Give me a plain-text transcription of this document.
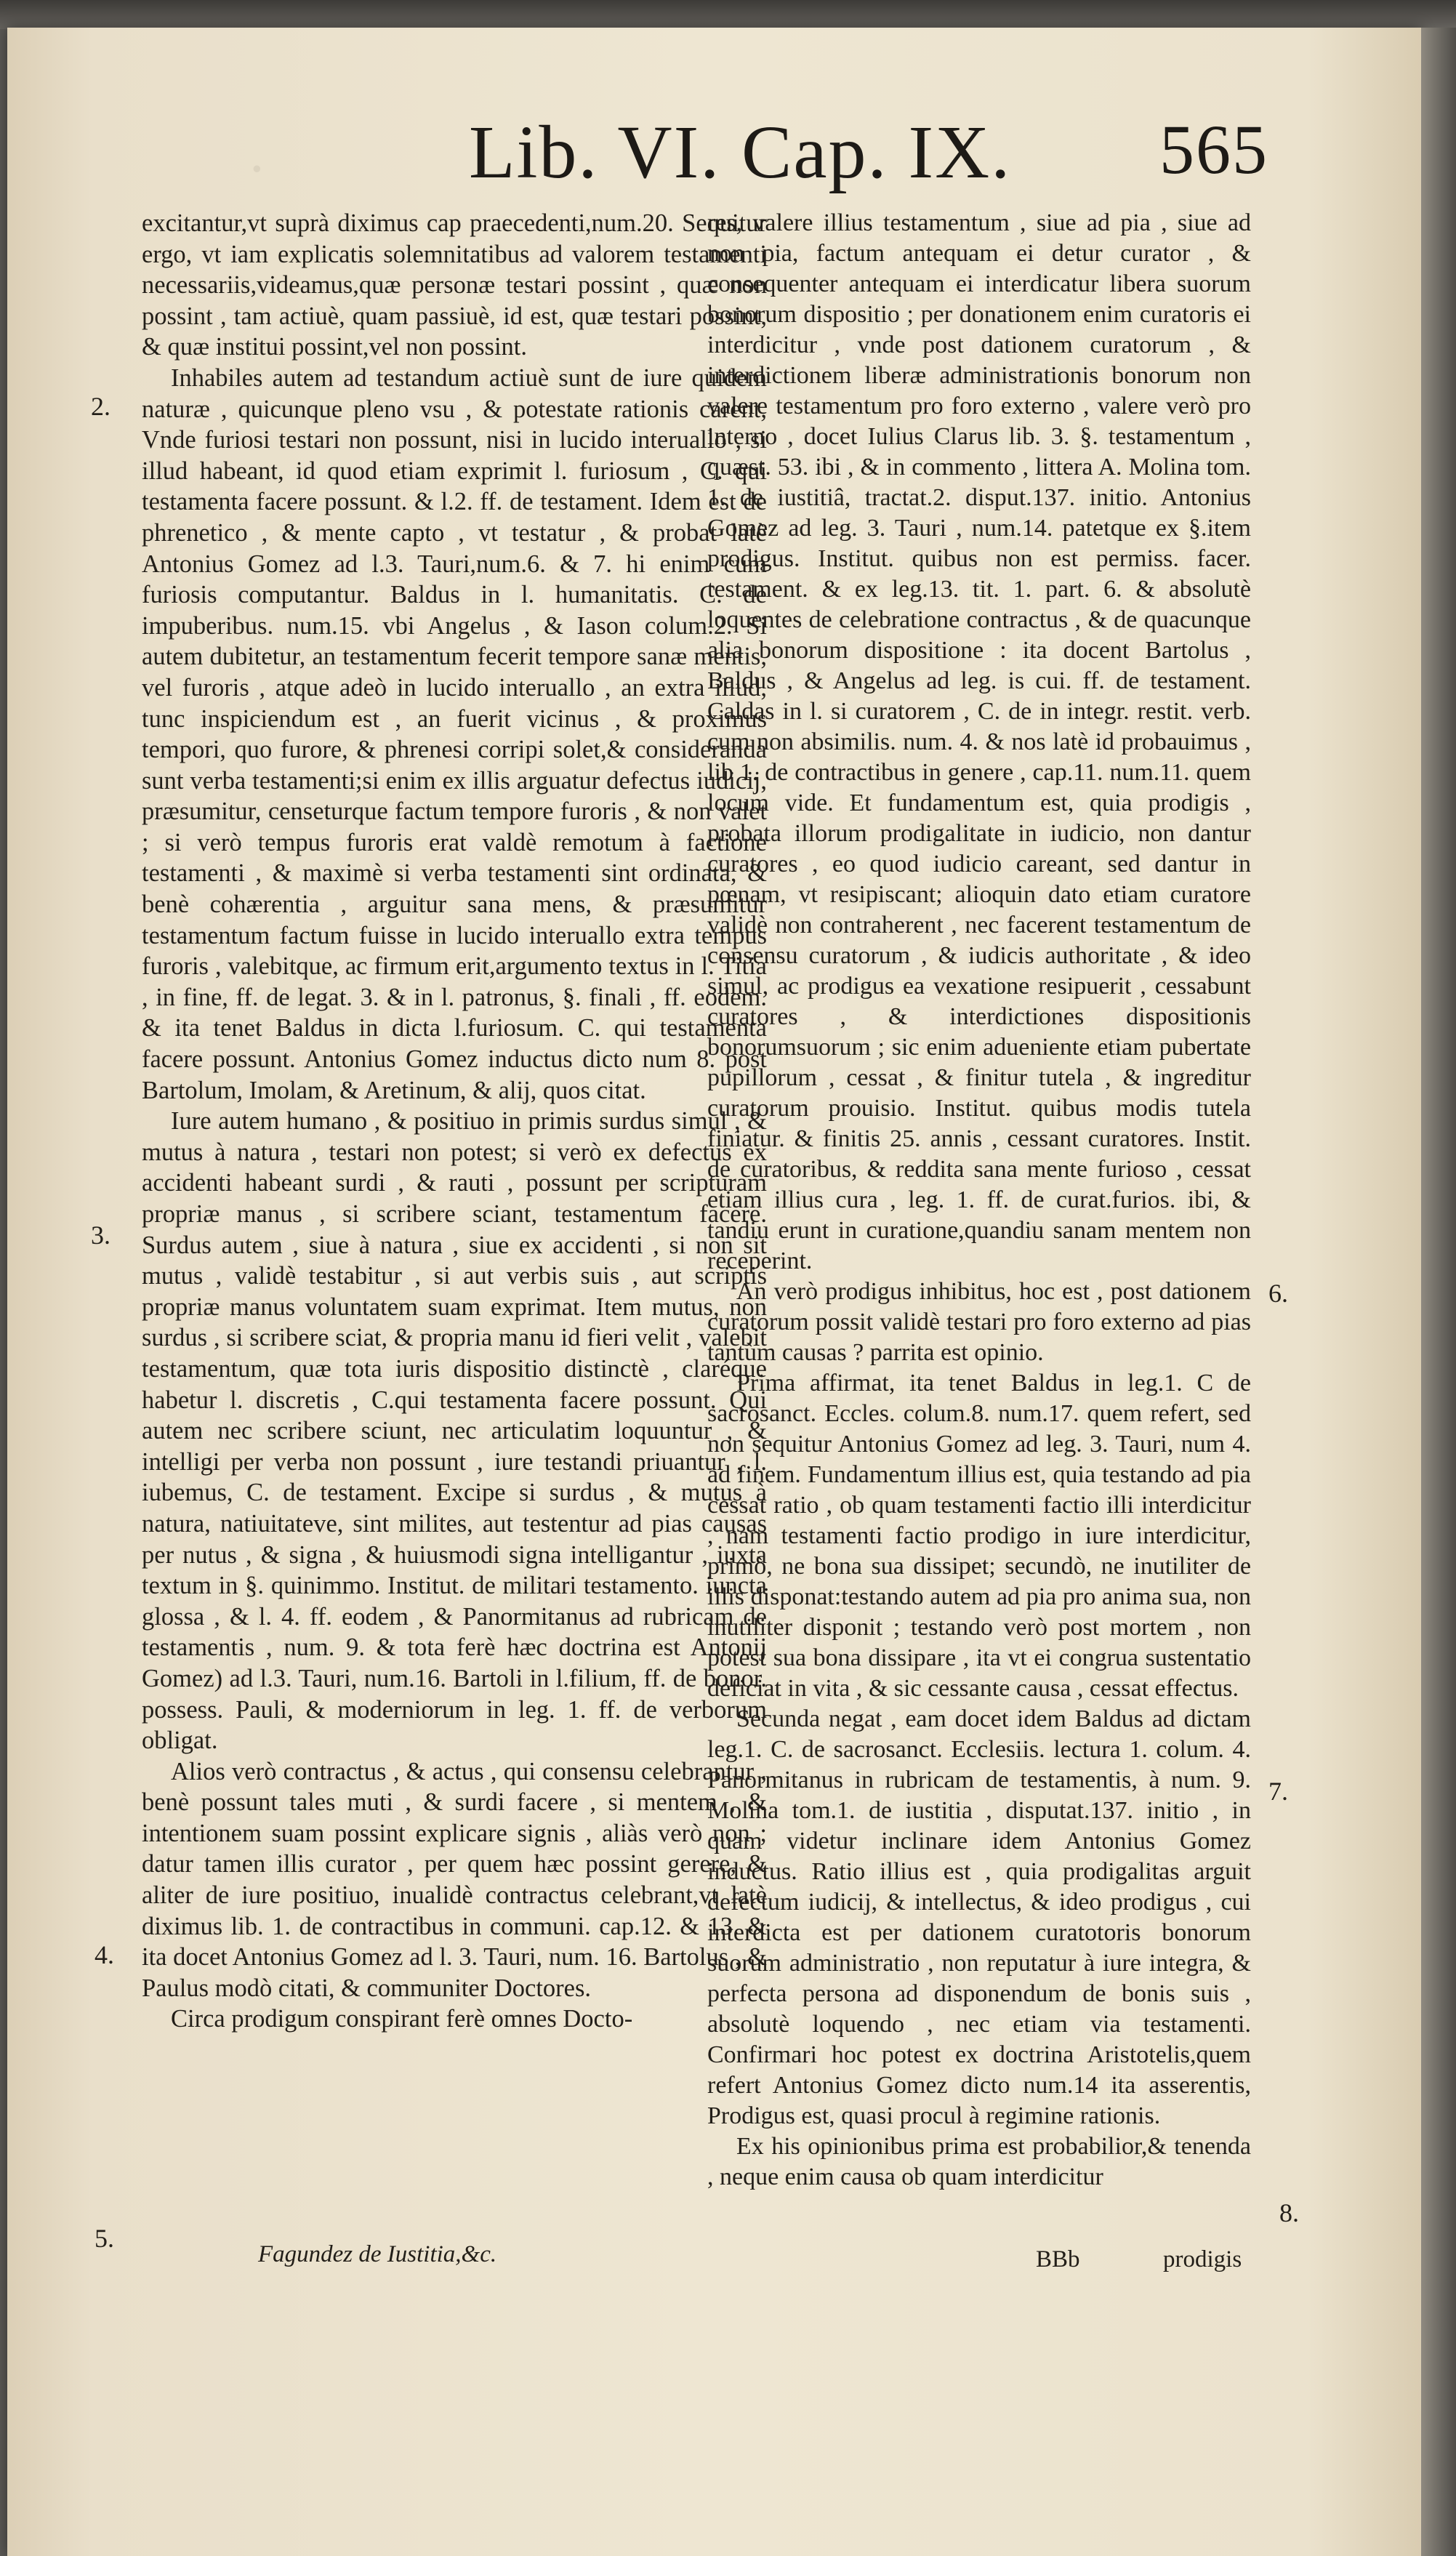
·	Lib. VI. Cap. IX. 565

excitantur,vt suprà diximus cap praecedenti,num.20. Sequitur ergo, vt iam explicatis solemnitatibus ad valorem testamenti necessariis,videamus,quæ personæ testari possint , quæ non possint , tam actiuè, quam passiuè, id est, quæ testari possint, & quæ institui possint,vel non possint.

Inhabiles autem ad testandum actiuè sunt de iure quidem naturæ , quicunque pleno vsu , & potestate rationis carent, Vnde furiosi testari non possunt, nisi in lucido interuallo , si illud habeant, id quod etiam exprimit l. furiosum , C. qui testamenta facere possunt. & l.2. ff. de testament. Idem est de phrenetico , & mente capto , vt testatur , & probat latè Antonius Gomez ad l.3. Tauri,num.6. & 7. hi enim cum furiosis computantur. Baldus in l. humanitatis. C. de impuberibus. num.15. vbi Angelus , & Iason colum.2. Si autem dubitetur, an testamentum fecerit tempore sanæ mentis, vel furoris , atque adeò in lucido interuallo , an extra illud, tunc inspiciendum est , an fuerit vicinus , & proximus tempori, quo furore, & phrenesi corripi solet,& consideranda sunt verba testamenti;si enim ex illis arguatur defectus iudicij, præsumitur, censeturque factum tempore furoris , & non valet ; si verò tempus furoris erat valdè remotum à factione testamenti , & maximè si verba testamenti sint ordinata, & benè cohærentia , arguitur sana mens, & præsumitur testamentum factum fuisse in lucido interuallo extra tempus furoris , valebitque, ac firmum erit,argumento textus in l. Titia , in fine, ff. de legat. 3. & in l. patronus, §. finali , ff. eodem. & ita tenet Baldus in dicta l.furiosum. C. qui testamenta facere possunt. Antonius Gomez inductus dicto num 8. post Bartolum, Imolam, & Aretinum, & alij, quos citat.

Iure autem humano , & positiuo in primis surdus simul , & mutus à natura , testari non potest; si verò ex defectus ex accidenti habeant surdi , & rauti , possunt per scripturam propriæ manus , si scribere sciant, testamentum facere. Surdus autem , siue à natura , siue ex accidenti , si non sit mutus , validè testabitur , si aut verbis suis , aut scriptis propriæ manus voluntatem suam exprimat. Item mutus, non surdus , si scribere sciat, & propria manu id fieri velit , valebit testamentum, quæ tota iuris dispositio distinctè , claréque habetur l. discretis , C.qui testamenta facere possunt. Qui autem nec scribere sciunt, nec articulatim loquuntur , & intelligi per verba non possunt , iure testandi priuantur , l. iubemus, C. de testament. Excipe si surdus , & mutus à natura, natiuitateve, sint milites, aut testentur ad pias causas per nutus , & signa , & huiusmodi signa intelligantur , iuxta textum in §. quinimmo. Institut. de militari testamento. iuncta glossa , & l. 4. ff. eodem , & Panormitanus ad rubricam de testamentis , num. 9. & tota ferè hæc doctrina est Antonij Gomez) ad l.3. Tauri, num.16. Bartoli in l.filium, ff. de bonor. possess. Pauli, & moderniorum in leg. 1. ff. de verborum obligat.

Alios verò contractus , & actus , qui consensu celebrantur , benè possunt tales muti , & surdi facere , si mentem , & intentionem suam possint explicare signis , aliàs verò non ; datur tamen illis curator , per quem hæc possint gerere, & aliter de iure positiuo, inualidè contractus celebrant,vt latè diximus lib. 1. de contractibus in communi. cap.12. & 13. & ita docet Antonius Gomez ad l. 3. Tauri, num. 16. Bartolus , & Paulus modò citati, & communiter Doctores.

Circa prodigum conspirant ferè omnes Docto-

2.
3.
4.
5.
Fagundez de Iustitia,&c.

res, valere illius testamentum , siue ad pia , siue ad non pia, factum antequam ei detur curator , & consequenter antequam ei interdicatur libera suorum bonorum dispositio ; per donationem enim curatoris ei interdicitur , vnde post dationem curatorum , & interdictionem liberæ administrationis bonorum non valere testamentum pro foro externo , valere verò pro interno , docet Iulius Clarus lib. 3. §. testamentum , quæst. 53. ibi , & in commento , littera A. Molina tom. 1. de iustitiâ, tractat.2. disput.137. initio. Antonius Gomez ad leg. 3. Tauri , num.14. patetque ex §.item prodigus. Institut. quibus non est permiss. facer. testament. & ex leg.13. tit. 1. part. 6. & absolutè loquentes de celebratione contractus , & de quacunque alia bonorum dispositione : ita docent Bartolus , Baldus , & Angelus ad leg. is cui. ff. de testament. Caldas in l. si curatorem , C. de in integr. restit. verb. cum non absimilis. num. 4. & nos latè id probauimus , lib 1. de contractibus in genere , cap.11. num.11. quem locum vide. Et fundamentum est, quia prodigis , probata illorum prodigalitate in iudicio, non dantur curatores , eo quod iudicio careant, sed dantur in pœnam, vt resipiscant; alioquin dato etiam curatore validè non contraherent , nec facerent testamentum de consensu curatorum , & iudicis authoritate , & ideo simul, ac prodigus ea vexatione resipuerit , cessabunt curatores , & interdictiones dispositionis bonorumsuorum ; sic enim adueniente etiam pubertate pupillorum , cessat , & finitur tutela , & ingreditur curatorum prouisio. Institut. quibus modis tutela finiatur. & finitis 25. annis , cessant curatores. Instit. de curatoribus, & reddita sana mente furioso , cessat etiam illius cura , leg. 1. ff. de curat.furios. ibi, & tandiu erunt in curatione,quandiu sanam mentem non receperint.

An verò prodigus inhibitus, hoc est , post dationem curatorum possit validè testari pro foro externo ad pias tantùm causas ? parrita est opinio.

Prima affirmat, ita tenet Baldus in leg.1. C de sacrosanct. Eccles. colum.8. num.17. quem refert, sed non sequitur Antonius Gomez ad leg. 3. Tauri, num 4. ad finem. Fundamentum illius est, quia testando ad pia cessat ratio , ob quam testamenti factio illi interdicitur , nam testamenti factio prodigo in iure interdicitur, primò, ne bona sua dissipet; secundò, ne inutiliter de illis disponat:testando autem ad pia pro anima sua, non inutiliter disponit ; testando verò post mortem , non potest sua bona dissipare , ita vt ei congrua sustentatio deficiat in vita , & sic cessante causa , cessat effectus.

Secunda negat , eam docet idem Baldus ad dictam leg.1. C. de sacrosanct. Ecclesiis. lectura 1. colum. 4. Panormitanus in rubricam de testamentis, à num. 9. Molina tom.1. de iustitia , disputat.137. initio , in quam videtur inclinare idem Antonius Gomez inductus. Ratio illius est , quia prodigalitas arguit defectum iudicij, & intellectus, & ideo prodigus , cui interdicta est per dationem curatotoris bonorum suorum administratio , non reputatur à iure integra, & perfecta persona ad disponendum de bonis suis , absolutè loquendo , nec etiam via testamenti. Confirmari hoc potest ex doctrina Aristotelis,quem refert Antonius Gomez dicto num.14 ita asserentis, Prodigus est, quasi procul à regimine rationis.

Ex his opinionibus prima est probabilior,& tenenda , neque enim causa ob quam interdicitur

6.
7.
8.
BBb	prodigis
